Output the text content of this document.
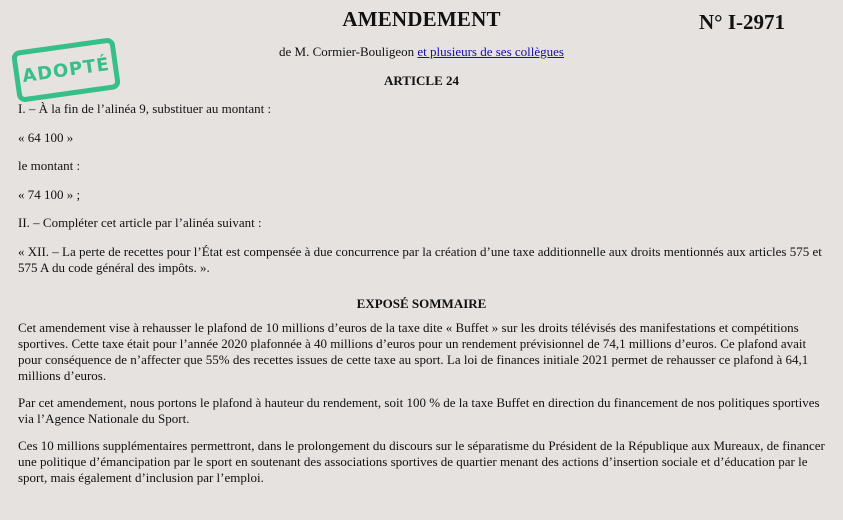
AMENDEMENT	N° I-2971
ADOPTÉ
de M. Cormier-Bouligeon et plusieurs de ses collègues
ARTICLE 24

I. – À la fin de l’alinéa 9, substituer au montant :

« 64 100 »

le montant :

« 74 100 » ;

II. – Compléter cet article par l’alinéa suivant :

« XII. – La perte de recettes pour l’État est compensée à due concurrence par la création d’une taxe additionnelle aux droits mentionnés aux articles 575 et 575 A du code général des impôts. ».

EXPOSÉ SOMMAIRE

Cet amendement vise à rehausser le plafond de 10 millions d’euros de la taxe dite « Buffet » sur les droits télévisés des manifestations et compétitions sportives. Cette taxe était pour l’année 2020 plafonnée à 40 millions d’euros pour un rendement prévisionnel de 74,1 millions d’euros. Ce plafond avait pour conséquence de n’affecter que 55% des recettes issues de cette taxe au sport. La loi de finances initiale 2021 permet de rehausser ce plafond à 64,1 millions d’euros.

Par cet amendement, nous portons le plafond à hauteur du rendement, soit 100 % de la taxe Buffet en direction du financement de nos politiques sportives via l’Agence Nationale du Sport.

Ces 10 millions supplémentaires permettront, dans le prolongement du discours sur le séparatisme du Président de la République aux Mureaux, de financer une politique d’émancipation par le sport en soutenant des associations sportives de quartier menant des actions d’insertion sociale et d’éducation par le sport, mais également d’inclusion par l’emploi.
